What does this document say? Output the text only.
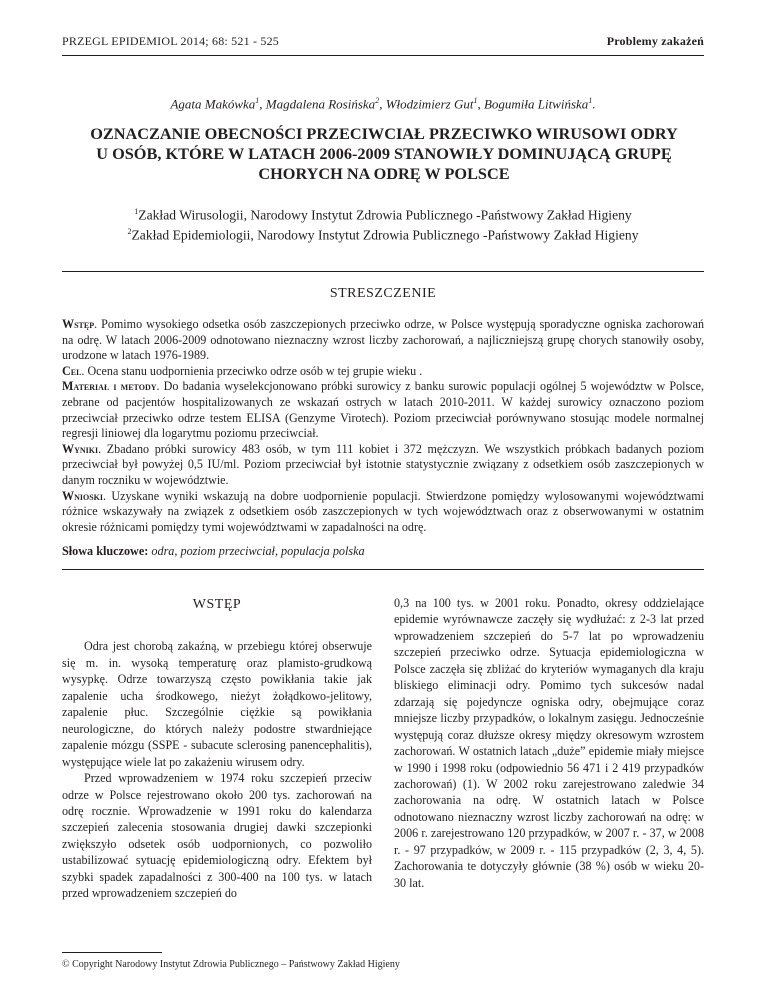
PRZEGL EPIDEMIOL 2014; 68: 521 - 525	Problemy zakażeń
Agata Makówka$^1$, Magdalena Rosińska$^2$, Włodzimierz Gut$^1$, Bogumiła Litwińska$^1$.
OZNACZANIE OBECNOŚCI PRZECIWCIAŁ PRZECIWKO WIRUSOWI ODRY
U OSÓB, KTÓRE W LATACH 2006-2009 STANOWIŁY DOMINUJĄCĄ GRUPĘ
CHORYCH NA ODRĘ W POLSCE
$^1$Zakład Wirusologii, Narodowy Instytut Zdrowia Publicznego -Państwowy Zakład Higieny
$^2$Zakład Epidemiologii, Narodowy Instytut Zdrowia Publicznego -Państwowy Zakład Higieny
STRESZCZENIE

Wstęp. Pomimo wysokiego odsetka osób zaszczepionych przeciwko odrze, w Polsce występują sporadyczne ogniska zachorowań na odrę. W latach 2006-2009 odnotowano nieznaczny wzrost liczby zachorowań, a najliczniejszą grupę chorych stanowiły osoby, urodzone w latach 1976-1989.

Cel. Ocena stanu uodpornienia przeciwko odrze osób w tej grupie wieku .

Materiał i metody. Do badania wyselekcjonowano próbki surowicy z banku surowic populacji ogólnej 5 województw w Polsce, zebrane od pacjentów hospitalizowanych ze wskazań ostrych w latach 2010-2011. W każdej surowicy oznaczono poziom przeciwciał przeciwko odrze testem ELISA (Genzyme Virotech). Poziom przeciwciał porównywano stosując modele normalnej regresji liniowej dla logarytmu poziomu przeciwciał.

Wyniki. Zbadano próbki surowicy 483 osób, w tym 111 kobiet i 372 mężczyzn. We wszystkich próbkach badanych poziom przeciwciał był powyżej 0,5 IU/ml. Poziom przeciwciał był istotnie statystycznie związany z odsetkiem osób zaszczepionych w danym roczniku w województwie.

Wnioski. Uzyskane wyniki wskazują na dobre uodpornienie populacji. Stwierdzone pomiędzy wylosowanymi województwami różnice wskazywały na związek z odsetkiem osób zaszczepionych w tych województwach oraz z obserwowanymi w ostatnim okresie różnicami pomiędzy tymi województwami w zapadalności na odrę.

Słowa kluczowe: odra, poziom przeciwciał, populacja polska
WSTĘP

Odra jest chorobą zakaźną, w przebiegu której obserwuje się m. in. wysoką temperaturę oraz plamisto-grudkową wysypkę. Odrze towarzyszą często powikłania takie jak zapalenie ucha środkowego, nieżyt żołądkowo-jelitowy, zapalenie płuc. Szczególnie ciężkie są powikłania neurologiczne, do których należy podostre stwardniejące zapalenie mózgu (SSPE - subacute sclerosing panencephalitis), występujące wiele lat po zakażeniu wirusem odry.

Przed wprowadzeniem w 1974 roku szczepień przeciw odrze w Polsce rejestrowano około 200 tys. zachorowań na odrę rocznie. Wprowadzenie w 1991 roku do kalendarza szczepień zalecenia stosowania drugiej dawki szczepionki zwiększyło odsetek osób uodpornionych, co pozwoliło ustabilizować sytuację epidemiologiczną odry. Efektem był szybki spadek zapadalności z 300-400 na 100 tys. w latach przed wprowadzeniem szczepień do

0,3 na 100 tys. w 2001 roku. Ponadto, okresy oddzielające epidemie wyrównawcze zaczęły się wydłużać: z 2-3 lat przed wprowadzeniem szczepień do 5-7 lat po wprowadzeniu szczepień przeciwko odrze. Sytuacja epidemiologiczna w Polsce zaczęła się zbliżać do kryteriów wymaganych dla kraju bliskiego eliminacji odry. Pomimo tych sukcesów nadal zdarzają się pojedyncze ogniska odry, obejmujące coraz mniejsze liczby przypadków, o lokalnym zasięgu. Jednocześnie występują coraz dłuższe okresy między okresowym wzrostem zachorowań. W ostatnich latach „duże” epidemie miały miejsce w 1990 i 1998 roku (odpowiednio 56 471 i 2 419 przypadków zachorowań) (1). W 2002 roku zarejestrowano zaledwie 34 zachorowania na odrę. W ostatnich latach w Polsce odnotowano nieznaczny wzrost liczby zachorowań na odrę: w 2006 r. zarejestrowano 120 przypadków, w 2007 r. - 37, w 2008 r. - 97 przypadków, w 2009 r. - 115 przypadków (2, 3, 4, 5). Zachorowania te dotyczyły głównie (38 %) osób w wieku 20-30 lat.

© Copyright Narodowy Instytut Zdrowia Publicznego – Państwowy Zakład Higieny
